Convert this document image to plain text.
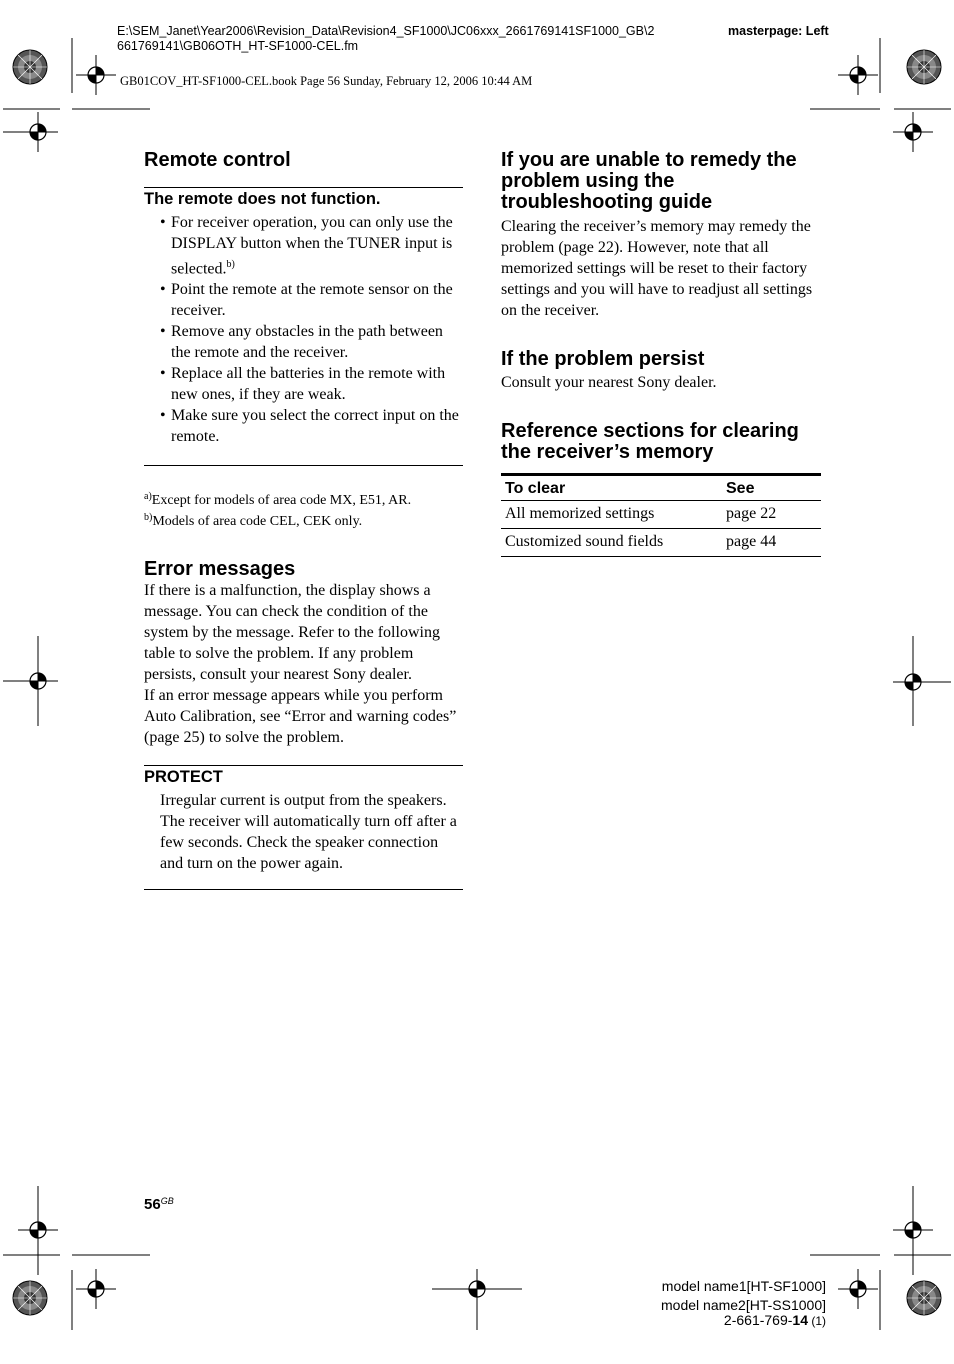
E:\SEM_Janet\Year2006\Revision_Data\Revision4_SF1000\JC06xxx_2661769141SF1000_GB\2
661769141\GB06OTH_HT-SF1000-CEL.fm
masterpage: Left
GB01COV_HT-SF1000-CEL.book Page 56 Sunday, February 12, 2006 10:44 AM
Remote control

The remote does not function.

• For receiver operation, you can only use the DISPLAY button when the TUNER input is selected.$^{b)}$
• Point the remote at the remote sensor on the receiver.
• Remove any obstacles in the path between the remote and the receiver.
• Replace all the batteries in the remote with new ones, if they are weak.
• Make sure you select the correct input on the remote.
$^{a)}$Except for models of area code MX, E51, AR.
$^{b)}$Models of area code CEL, CEK only.
Error messages

If there is a malfunction, the display shows a message. You can check the condition of the system by the message. Refer to the following table to solve the problem. If any problem persists, consult your nearest Sony dealer.

If an error message appears while you perform Auto Calibration, see “Error and warning codes” (page 25) to solve the problem.

PROTECT

Irregular current is output from the speakers. The receiver will automatically turn off after a few seconds. Check the speaker connection and turn on the power again.

If you are unable to remedy the problem using the troubleshooting guide

Clearing the receiver’s memory may remedy the problem (page 22). However, note that all memorized settings will be reset to their factory settings and you will have to readjust all settings on the receiver.

If the problem persist

Consult your nearest Sony dealer.

Reference sections for clearing the receiver’s memory
To clear	See
All memorized settings	page 22
Customized sound fields	page 44
$56^{GB}$
model name1[HT-SF1000]
model name2[HT-SS1000]
2-661-769-14 (1)
